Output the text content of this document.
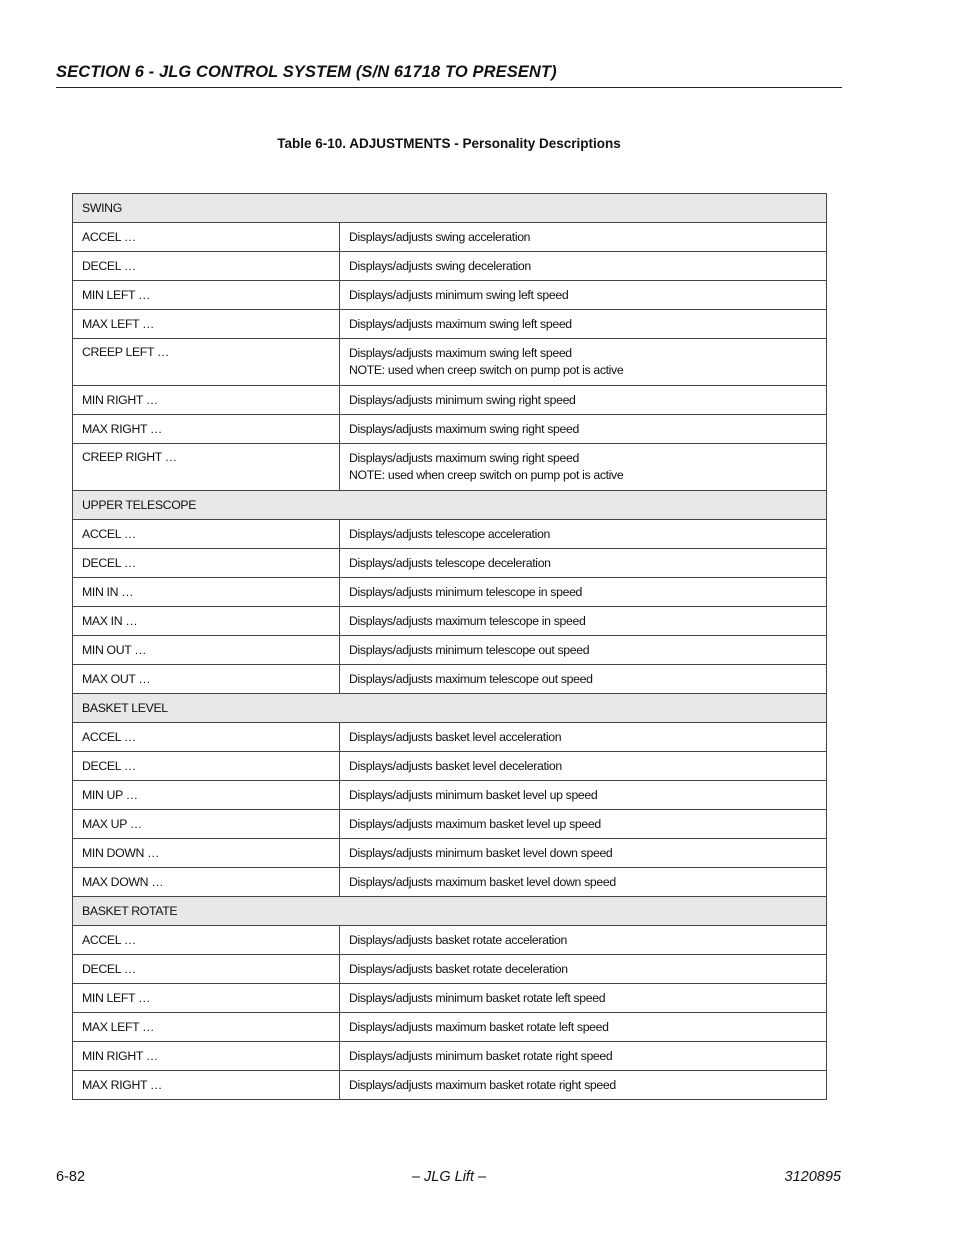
SECTION 6 - JLG CONTROL SYSTEM (S/N 61718 TO PRESENT)
Table 6-10. ADJUSTMENTS - Personality Descriptions
SWING	
ACCEL …	Displays/adjusts swing acceleration

DECEL …	Displays/adjusts swing deceleration

MIN LEFT …	Displays/adjusts minimum swing left speed

MAX LEFT …	Displays/adjusts maximum swing left speed

CREEP LEFT …	Displays/adjusts maximum swing left speed
NOTE: used when creep switch on pump pot is active

MIN RIGHT …	Displays/adjusts minimum swing right speed

MAX RIGHT …	Displays/adjusts maximum swing right speed

CREEP RIGHT …	Displays/adjusts maximum swing right speed
NOTE: used when creep switch on pump pot is active

UPPER TELESCOPE	
ACCEL …	Displays/adjusts telescope acceleration

DECEL …	Displays/adjusts telescope deceleration

MIN IN …	Displays/adjusts minimum telescope in speed

MAX IN …	Displays/adjusts maximum telescope in speed

MIN OUT …	Displays/adjusts minimum telescope out speed

MAX OUT …	Displays/adjusts maximum telescope out speed

BASKET LEVEL	
ACCEL …	Displays/adjusts basket level acceleration

DECEL …	Displays/adjusts basket level deceleration

MIN UP …	Displays/adjusts minimum basket level up speed

MAX UP …	Displays/adjusts maximum basket level up speed

MIN DOWN …	Displays/adjusts minimum basket level down speed

MAX DOWN …	Displays/adjusts maximum basket level down speed

BASKET ROTATE	
ACCEL …	Displays/adjusts basket rotate acceleration

DECEL …	Displays/adjusts basket rotate deceleration

MIN LEFT …	Displays/adjusts minimum basket rotate left speed

MAX LEFT …	Displays/adjusts maximum basket rotate left speed

MIN RIGHT …	Displays/adjusts minimum basket rotate right speed

MAX RIGHT …	Displays/adjusts maximum basket rotate right speed
6-82	– JLG Lift –	3120895
